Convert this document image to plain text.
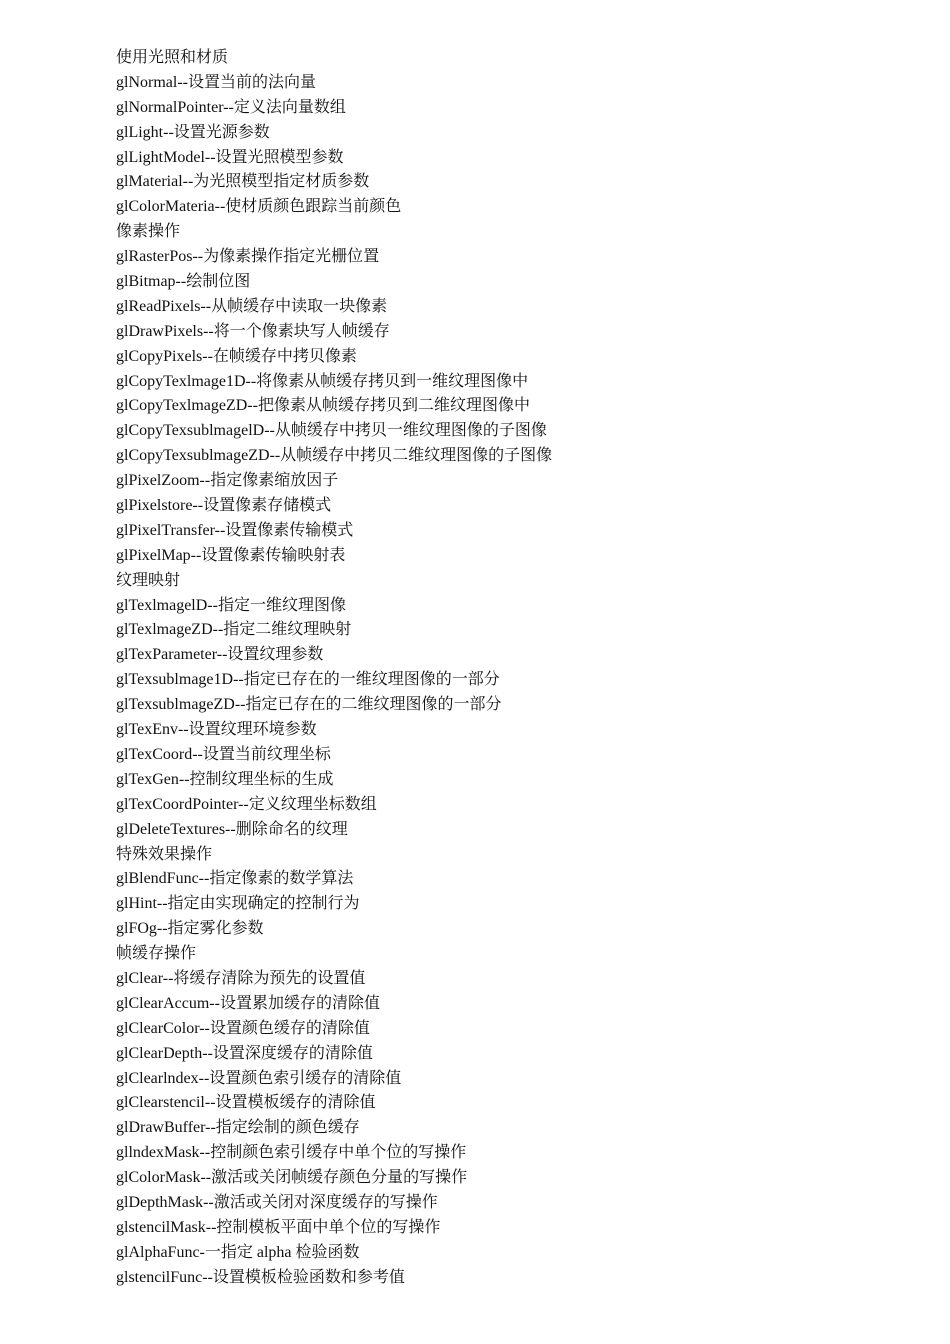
使用光照和材质
glNormal--设置当前的法向量
glNormalPointer--定义法向量数组
glLight--设置光源参数
glLightModel--设置光照模型参数
glMaterial--为光照模型指定材质参数
glColorMateria--使材质颜色跟踪当前颜色
像素操作
glRasterPos--为像素操作指定光栅位置
glBitmap--绘制位图
glReadPixels--从帧缓存中读取一块像素
glDrawPixels--将一个像素块写人帧缓存
glCopyPixels--在帧缓存中拷贝像素
glCopyTexlmage1D--将像素从帧缓存拷贝到一维纹理图像中
glCopyTexlmageZD--把像素从帧缓存拷贝到二维纹理图像中
glCopyTexsublmagelD--从帧缓存中拷贝一维纹理图像的子图像
glCopyTexsublmageZD--从帧缓存中拷贝二维纹理图像的子图像
glPixelZoom--指定像素缩放因子
glPixelstore--设置像素存储模式
glPixelTransfer--设置像素传输模式
glPixelMap--设置像素传输映射表
纹理映射
glTexlmagelD--指定一维纹理图像
glTexlmageZD--指定二维纹理映射
glTexParameter--设置纹理参数
glTexsublmage1D--指定已存在的一维纹理图像的一部分
glTexsublmageZD--指定已存在的二维纹理图像的一部分
glTexEnv--设置纹理环境参数
glTexCoord--设置当前纹理坐标
glTexGen--控制纹理坐标的生成
glTexCoordPointer--定义纹理坐标数组
glDeleteTextures--删除命名的纹理
特殊效果操作
glBlendFunc--指定像素的数学算法
glHint--指定由实现确定的控制行为
glFOg--指定雾化参数
帧缓存操作
glClear--将缓存清除为预先的设置值
glClearAccum--设置累加缓存的清除值
glClearColor--设置颜色缓存的清除值
glClearDepth--设置深度缓存的清除值
glClearlndex--设置颜色索引缓存的清除值
glClearstencil--设置模板缓存的清除值
glDrawBuffer--指定绘制的颜色缓存
gllndexMask--控制颜色索引缓存中单个位的写操作
glColorMask--激活或关闭帧缓存颜色分量的写操作
glDepthMask--激活或关闭对深度缓存的写操作
glstencilMask--控制模板平面中单个位的写操作
glAlphaFunc-一指定 alpha 检验函数
glstencilFunc--设置模板检验函数和参考值
